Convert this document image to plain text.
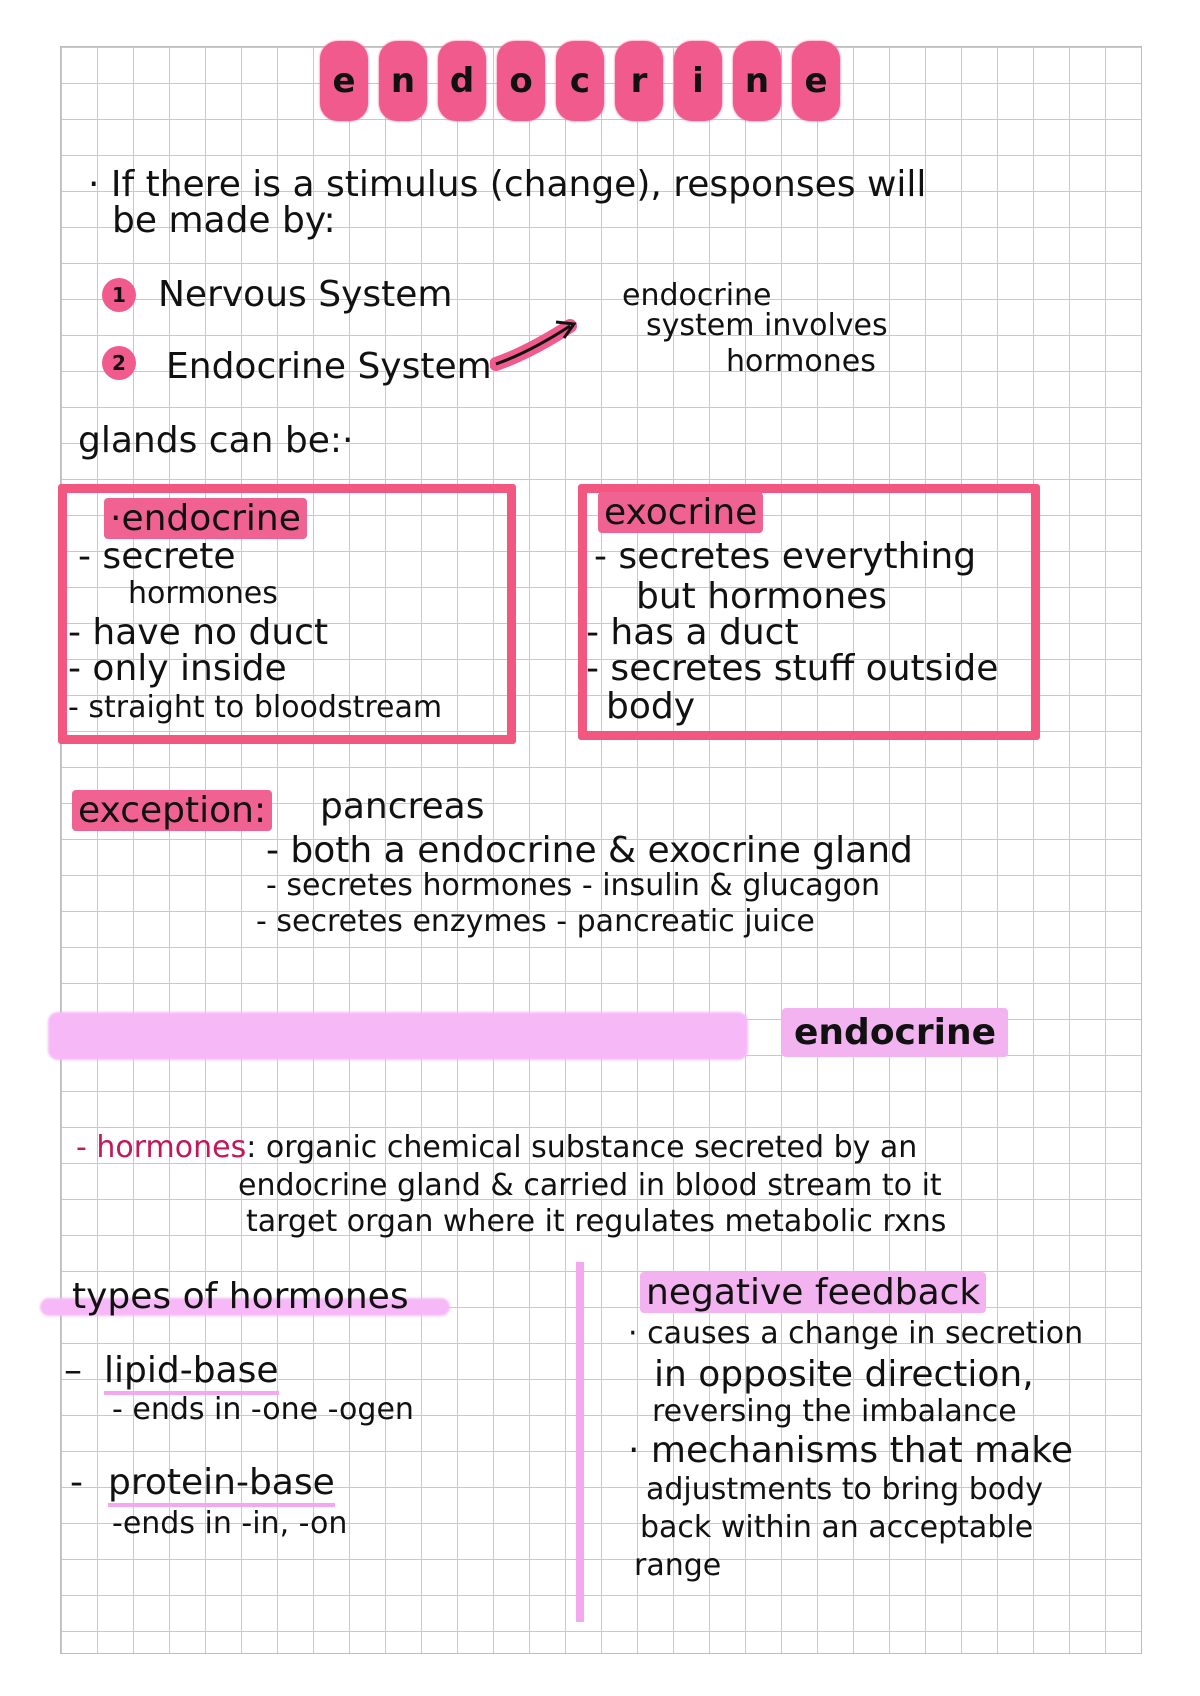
e	n	d	o	c	r	i	n	e
· If there is a stimulus (change), responses will
be made by:
1 Nervous System
2 Endocrine System
endocrine
system involves
hormones
glands can be:·
·endocrine
- secrete
hormones
- have no duct
- only inside
- straight to bloodstream
exocrine
- secretes everything
but hormones
- has a duct
- secretes stuff outside
body
exception: pancreas
- both a endocrine & exocrine gland
- secretes hormones - insulin & glucagon
- secretes enzymes - pancreatic juice
endocrine
- hormones: organic chemical substance secreted by an
endocrine gland & carried in blood stream to it
target organ where it regulates metabolic rxns
types of hormones
– lipid-base
- ends in -one -ogen
- protein-base
-ends in -in, -on
negative feedback
· causes a change in secretion
in opposite direction,
reversing the imbalance
· mechanisms that make
adjustments to bring body
back within an acceptable
range
